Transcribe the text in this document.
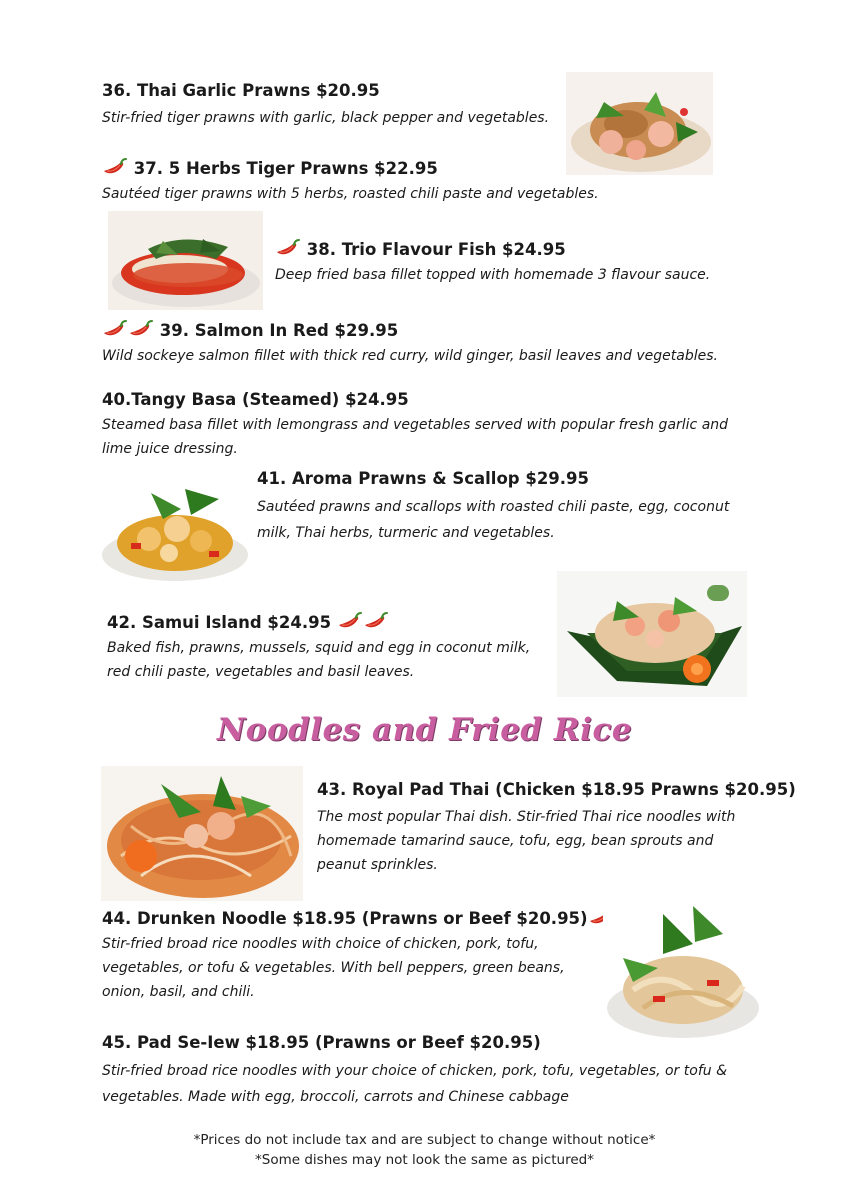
36. Thai Garlic Prawns $20.95
Stir-fried tiger prawns with garlic, black pepper and vegetables.
37. 5 Herbs Tiger Prawns $22.95
Sautéed tiger prawns with 5 herbs, roasted chili paste and vegetables.
38. Trio Flavour Fish $24.95
Deep fried basa fillet topped with homemade 3 flavour sauce.
39. Salmon In Red $29.95
Wild sockeye salmon fillet with thick red curry, wild ginger, basil leaves and vegetables.
40.Tangy Basa (Steamed) $24.95
Steamed basa fillet with lemongrass and vegetables served with popular fresh garlic and lime juice dressing.
41. Aroma Prawns & Scallop $29.95
Sautéed prawns and scallops with roasted chili paste, egg, coconut milk, Thai herbs, turmeric and vegetables.
42. Samui Island $24.95
Baked fish, prawns, mussels, squid and egg in coconut milk, red chili paste, vegetables and basil leaves.
Noodles and Fried Rice
43. Royal Pad Thai (Chicken $18.95 Prawns $20.95)
The most popular Thai dish. Stir-fried Thai rice noodles with homemade tamarind sauce, tofu, egg, bean sprouts and peanut sprinkles.
44. Drunken Noodle $18.95 (Prawns or Beef $20.95)
Stir-fried broad rice noodles with choice of chicken, pork, tofu, vegetables, or tofu & vegetables. With bell peppers, green beans, onion, basil, and chili.
45. Pad Se-Iew $18.95 (Prawns or Beef $20.95)
Stir-fried broad rice noodles with your choice of chicken, pork, tofu, vegetables, or tofu & vegetables. Made with egg, broccoli, carrots and Chinese cabbage
*Prices do not include tax and are subject to change without notice*
*Some dishes may not look the same as pictured*
